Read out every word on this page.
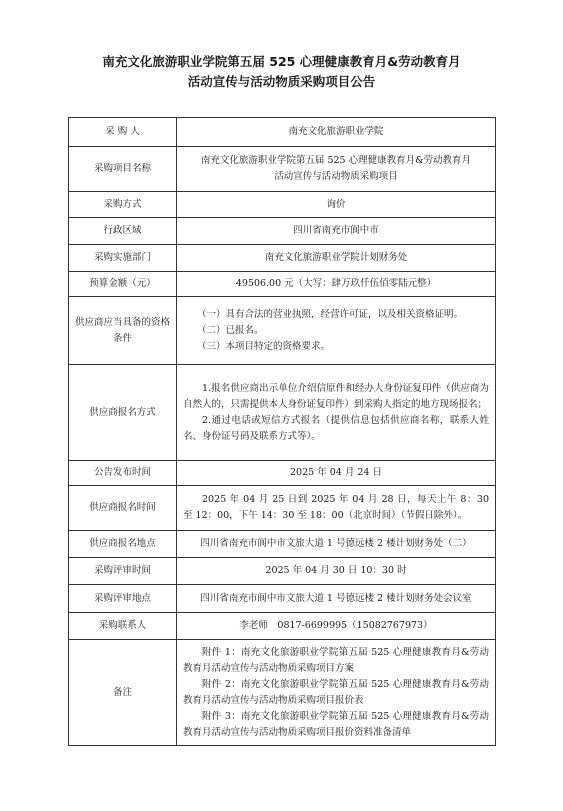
南充文化旅游职业学院第五届 525 心理健康教育月&劳动教育月
活动宣传与活动物质采购项目公告
采 购 人	南充文化旅游职业学院
采购项目名称	南充文化旅游职业学院第五届 525 心理健康教育月&劳动教育月
活动宣传与活动物质采购项目

采购方式	询价
行政区域	四川省南充市阆中市
采购实施部门	南充文化旅游职业学院计划财务处
预算金额（元）	49506.00 元（大写：肆万玖仟伍佰零陆元整）
供应商应当具备的资格条件	（一）具有合法的营业执照，经营许可证，以及相关资格证明。
（二）已报名。
（三）本项目特定的资格要求。

供应商报名方式	1.报名供应商出示单位介绍信原件和经办人身份证复印件（供应商为自然人的，只需提供本人身份证复印件）到采购人指定的地方现场报名；

2.通过电话或短信方式报名（提供信息包括供应商名称，联系人姓名、身份证号码及联系方式等）。

公告发布时间	2025 年 04 月 24 日
供应商报名时间	2025 年 04 月 25 日到 2025 年 04 月 28 日，每天上午 8：30 至 12：00，下午 14：30 至 18：00（北京时间）（节假日除外）。

供应商报名地点	四川省南充市阆中市文旅大道 1 号德远楼 2 楼计划财务处（二）
采购评审时间	2025 年 04 月 30 日 10：30 时
采购评审地点	四川省南充市阆中市文旅大道 1 号德远楼 2 楼计划财务处会议室
采购联系人	李老师　0817-6699995（15082767973）
备注	附件 1：南充文化旅游职业学院第五届 525 心理健康教育月&劳动教育月活动宣传与活动物质采购项目方案

附件 2：南充文化旅游职业学院第五届 525 心理健康教育月&劳动教育月活动宣传与活动物质采购项目报价表

附件 3：南充文化旅游职业学院第五届 525 心理健康教育月&劳动教育月活动宣传与活动物质采购项目报价资料准备清单
